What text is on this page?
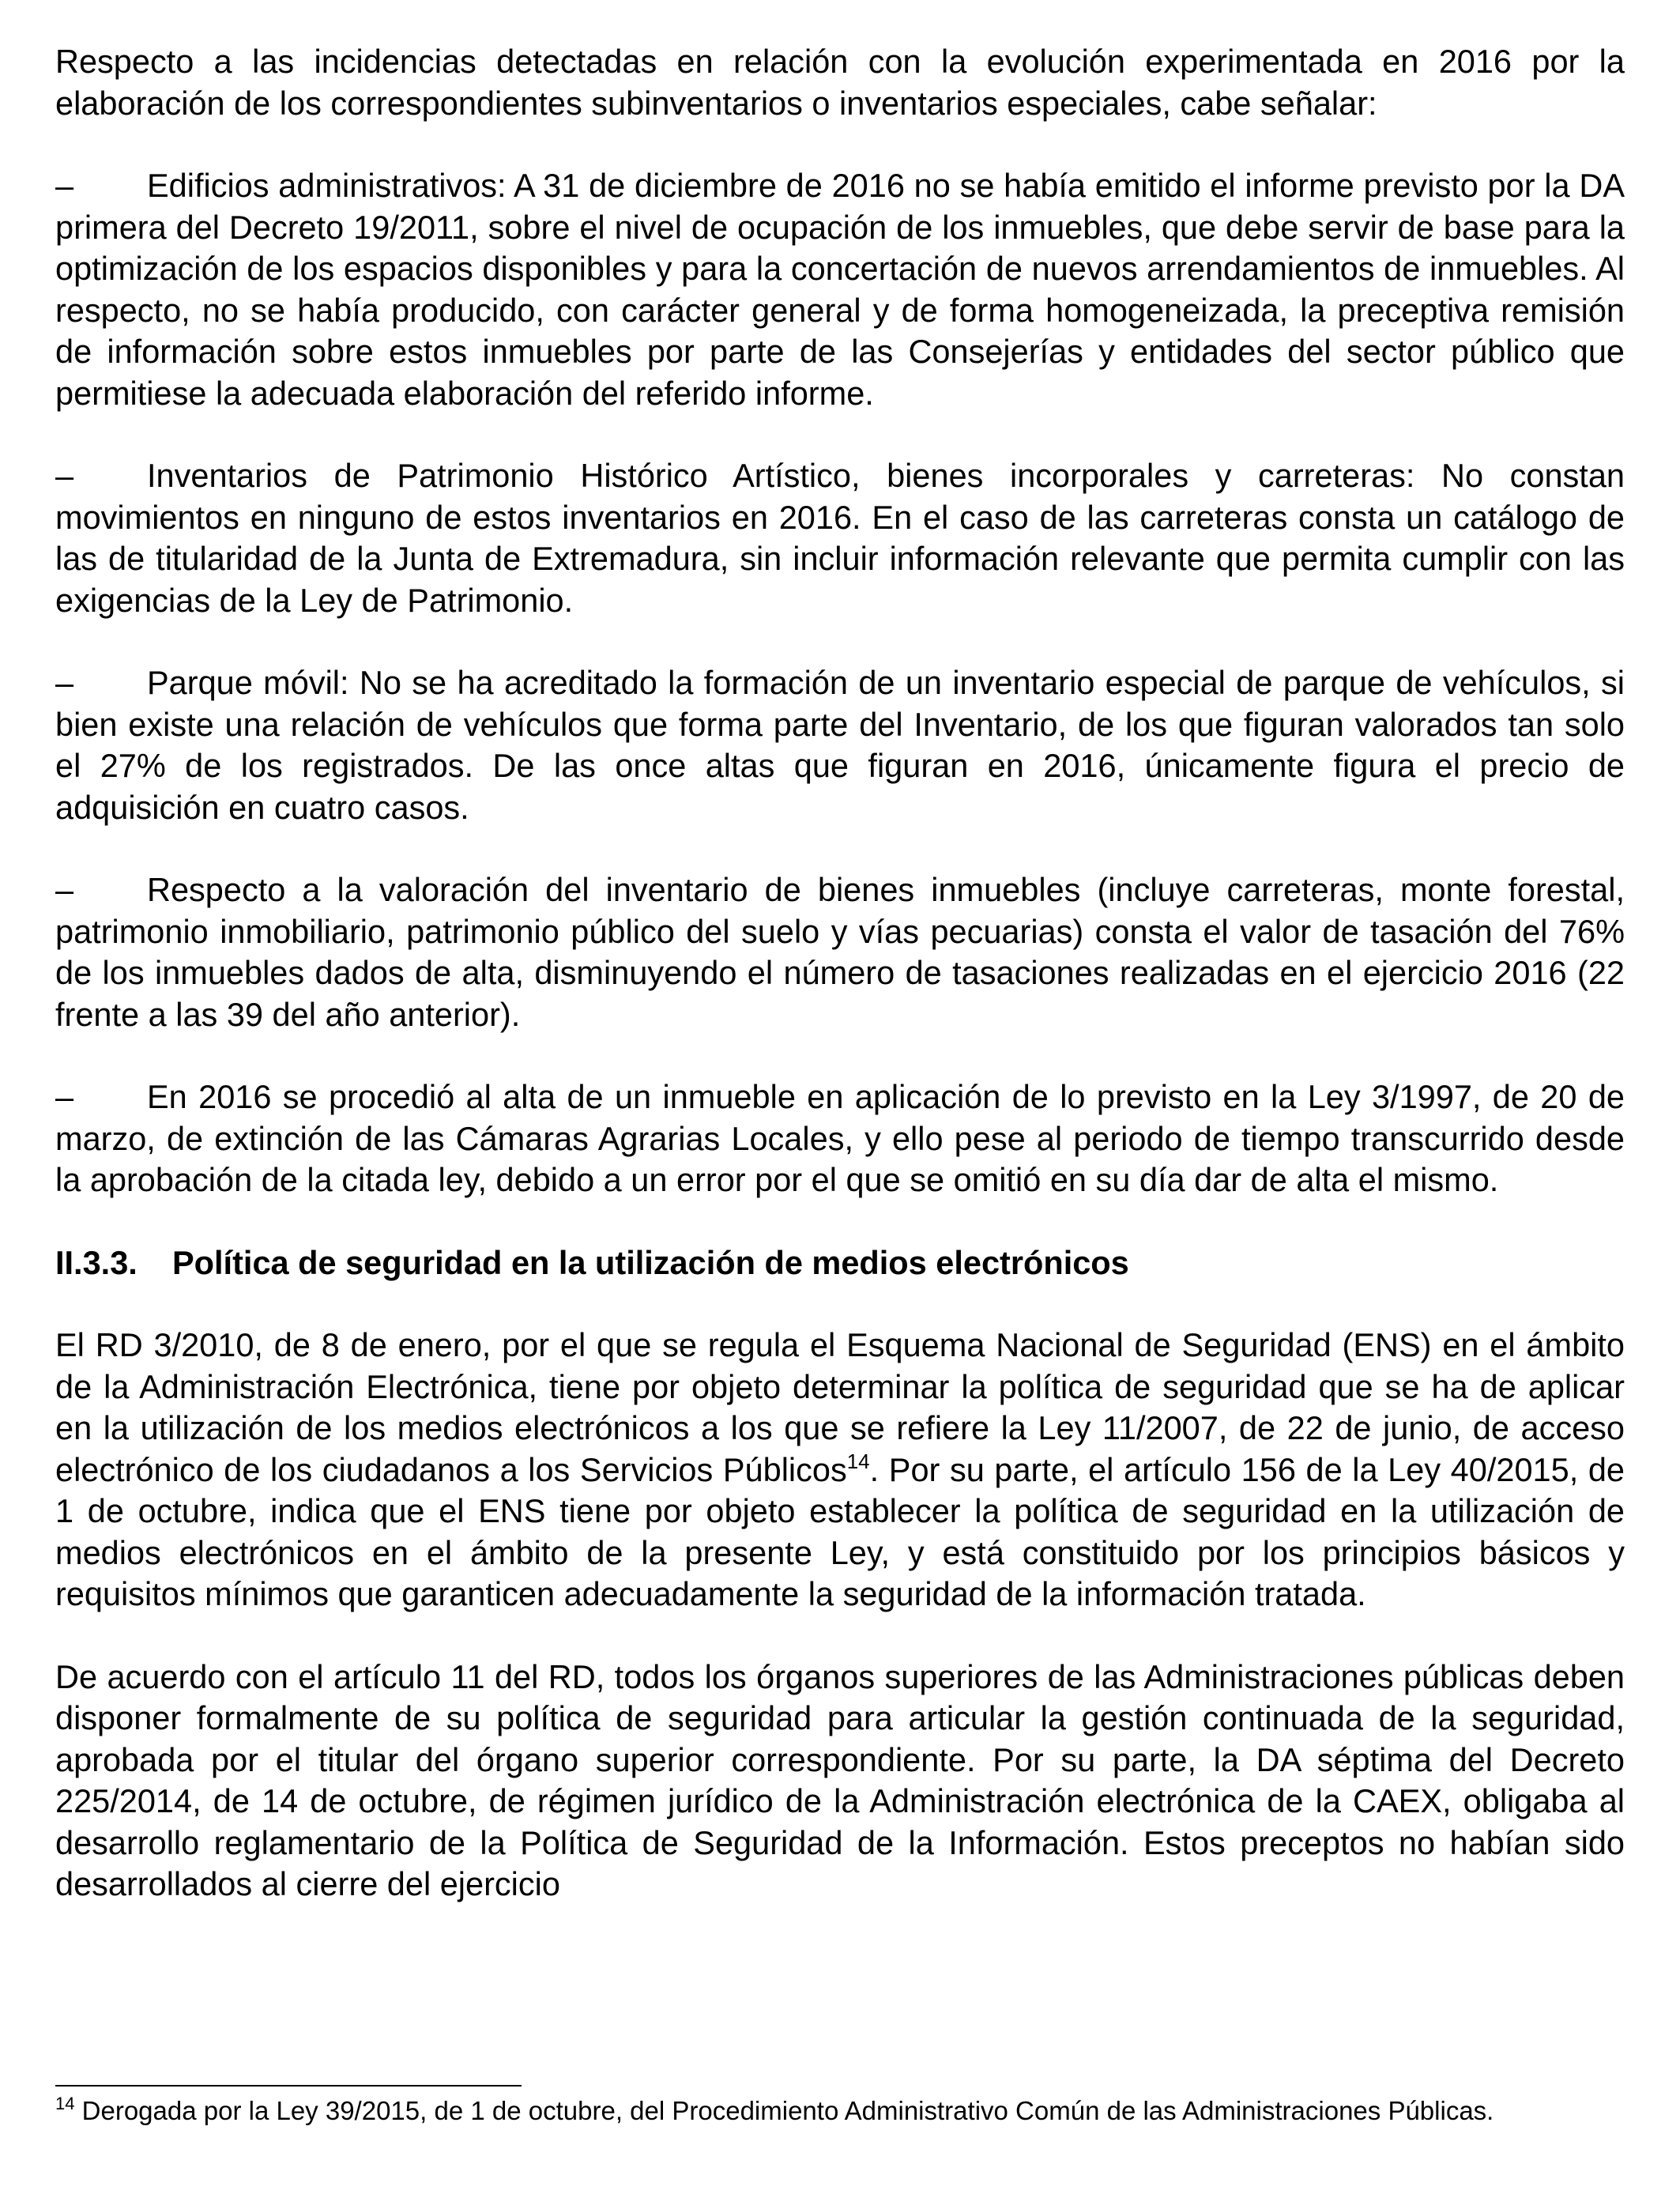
Respecto a las incidencias detectadas en relación con la evolución experimentada en 2016 por la elaboración de los correspondientes subinventarios o inventarios especiales, cabe señalar:

– Edificios administrativos: A 31 de diciembre de 2016 no se había emitido el informe previsto por la DA primera del Decreto 19/2011, sobre el nivel de ocupación de los inmuebles, que debe servir de base para la optimización de los espacios disponibles y para la concertación de nuevos arrendamientos de inmuebles. Al respecto, no se había producido, con carácter general y de forma homogeneizada, la preceptiva remisión de información sobre estos inmuebles por parte de las Consejerías y entidades del sector público que permitiese la adecuada elaboración del referido informe.

– Inventarios de Patrimonio Histórico Artístico, bienes incorporales y carreteras: No constan movimientos en ninguno de estos inventarios en 2016. En el caso de las carreteras consta un catálogo de las de titularidad de la Junta de Extremadura, sin incluir información relevante que permita cumplir con las exigencias de la Ley de Patrimonio.

– Parque móvil: No se ha acreditado la formación de un inventario especial de parque de vehículos, si bien existe una relación de vehículos que forma parte del Inventario, de los que figuran valorados tan solo el 27% de los registrados. De las once altas que figuran en 2016, únicamente figura el precio de adquisición en cuatro casos.

– Respecto a la valoración del inventario de bienes inmuebles (incluye carreteras, monte forestal, patrimonio inmobiliario, patrimonio público del suelo y vías pecuarias) consta el valor de tasación del 76% de los inmuebles dados de alta, disminuyendo el número de tasaciones realizadas en el ejercicio 2016 (22 frente a las 39 del año anterior).

– En 2016 se procedió al alta de un inmueble en aplicación de lo previsto en la Ley 3/1997, de 20 de marzo, de extinción de las Cámaras Agrarias Locales, y ello pese al periodo de tiempo transcurrido desde la aprobación de la citada ley, debido a un error por el que se omitió en su día dar de alta el mismo.

II.3.3. Política de seguridad en la utilización de medios electrónicos

El RD 3/2010, de 8 de enero, por el que se regula el Esquema Nacional de Seguridad (ENS) en el ámbito de la Administración Electrónica, tiene por objeto determinar la política de seguridad que se ha de aplicar en la utilización de los medios electrónicos a los que se refiere la Ley 11/2007, de 22 de junio, de acceso electrónico de los ciudadanos a los Servicios Públicos$^{14}$. Por su parte, el artículo 156 de la Ley 40/2015, de 1 de octubre, indica que el ENS tiene por objeto establecer la política de seguridad en la utilización de medios electrónicos en el ámbito de la presente Ley, y está constituido por los principios básicos y requisitos mínimos que garanticen adecuadamente la seguridad de la información tratada.

De acuerdo con el artículo 11 del RD, todos los órganos superiores de las Administraciones públicas deben disponer formalmente de su política de seguridad para articular la gestión continuada de la seguridad, aprobada por el titular del órgano superior correspondiente. Por su parte, la DA séptima del Decreto 225/2014, de 14 de octubre, de régimen jurídico de la Administración electrónica de la CAEX, obligaba al desarrollo reglamentario de la Política de Seguridad de la Información. Estos preceptos no habían sido desarrollados al cierre del ejercicio

$^{14}$ Derogada por la Ley 39/2015, de 1 de octubre, del Procedimiento Administrativo Común de las Administraciones Públicas.
